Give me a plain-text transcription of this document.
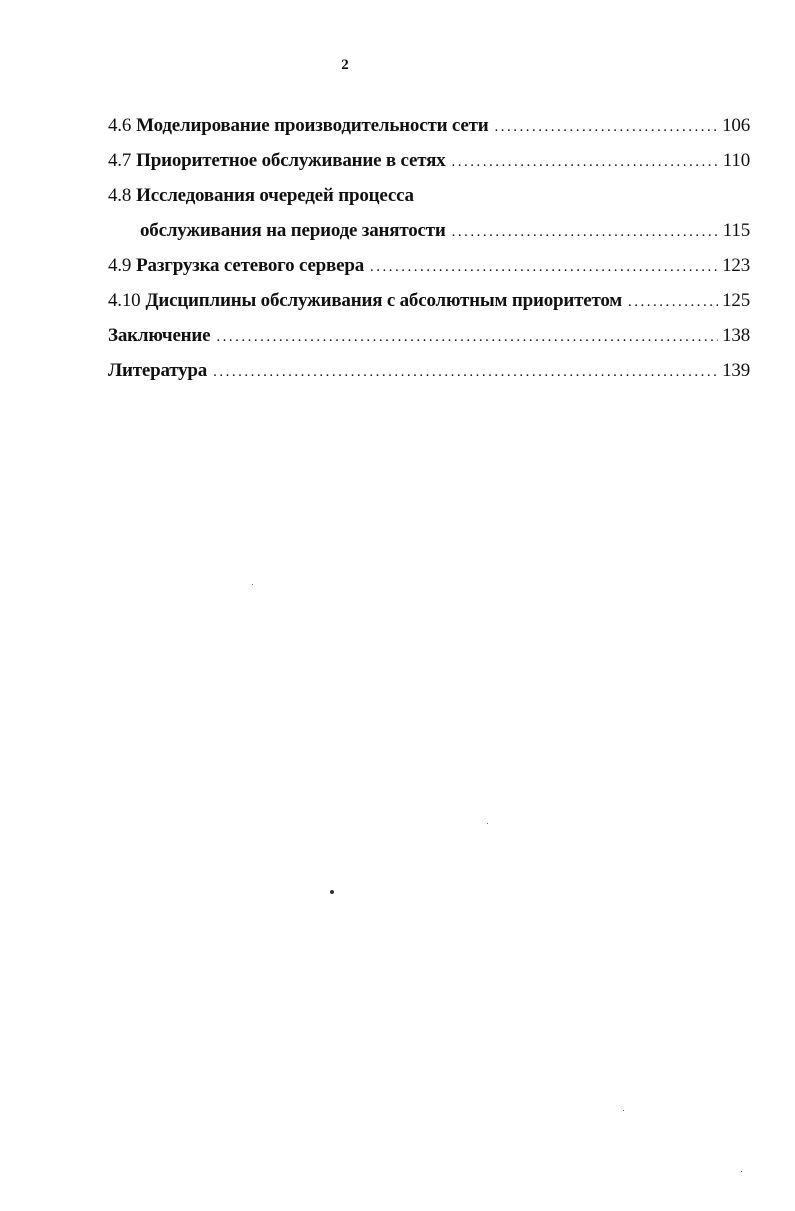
2
4.6 Моделирование производительности сети .....	106
4.7 Приоритетное обслуживание в сетях .....	110
4.8 Исследования очередей процесса
обслуживания на периоде занятости .....	115
4.9 Разгрузка сетевого сервера .....	123
4.10 Дисциплины обслуживания с абсолютным приоритетом .....	125
Заключение .....	138
Литература .....	139
